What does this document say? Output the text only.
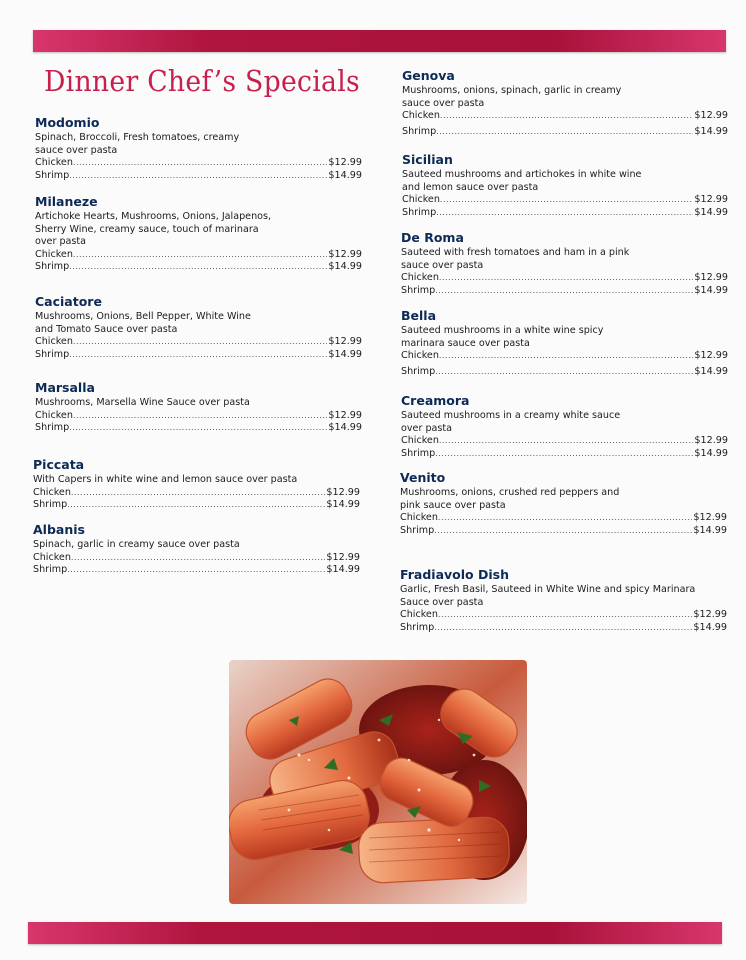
Dinner Chef’s Specials
Modomio
Spinach, Broccoli, Fresh tomatoes, creamy
sauce over pasta
Chicken .....	$12.99
Shrimp .....	$14.99
Milaneze
Artichoke Hearts, Mushrooms, Onions, Jalapenos,
Sherry Wine, creamy sauce, touch of marinara
over pasta
Chicken .....	$12.99
Shrimp .....	$14.99
Caciatore
Mushrooms, Onions, Bell Pepper, White Wine
and Tomato Sauce over pasta
Chicken .....	$12.99
Shrimp .....	$14.99
Marsalla
Mushrooms, Marsella Wine Sauce over pasta
Chicken .....	$12.99
Shrimp .....	$14.99
Piccata
With Capers in white wine and lemon sauce over pasta
Chicken .....	$12.99
Shrimp .....	$14.99
Albanis
Spinach, garlic in creamy sauce over pasta
Chicken .....	$12.99
Shrimp .....	$14.99
Genova
Mushrooms, onions, spinach, garlic in creamy
sauce over pasta
Chicken .....	$12.99
Shrimp .....	$14.99
Sicilian
Sauteed mushrooms and artichokes in white wine
and lemon sauce over pasta
Chicken .....	$12.99
Shrimp .....	$14.99
De Roma
Sauteed with fresh tomatoes and ham in a pink
sauce over pasta
Chicken .....	$12.99
Shrimp .....	$14.99
Bella
Sauteed mushrooms in a white wine spicy
marinara sauce over pasta
Chicken .....	$12.99
Shrimp .....	$14.99
Creamora
Sauteed mushrooms in a creamy white sauce
over pasta
Chicken .....	$12.99
Shrimp .....	$14.99
Venito
Mushrooms, onions, crushed red peppers and
pink sauce over pasta
Chicken .....	$12.99
Shrimp .....	$14.99
Fradiavolo Dish
Garlic, Fresh Basil, Sauteed in White Wine and spicy Marinara
Sauce over pasta
Chicken .....	$12.99
Shrimp .....	$14.99
